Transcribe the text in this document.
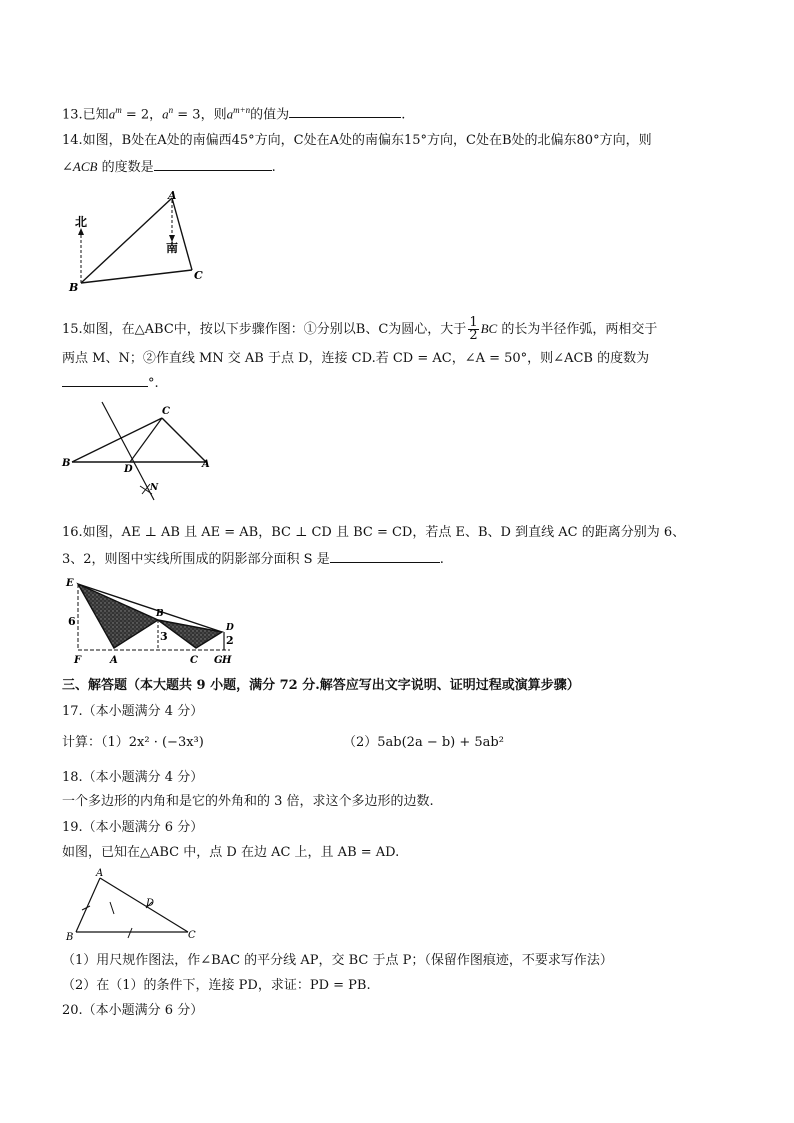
13.已知$a^m = 2$，$a^n = 3$，则$a^{m+n}$的值为	.
14.如图，B处在A处的南偏西45°方向，C处在A处的南偏东15°方向，C处在B处的北偏东80°方向，则
∠ACB 的度数是	.
北
南
A
B
C
15.如图，在△ABC中，按以下步骤作图：①分别以B、C为圆心，大于 $\frac{1}{2}$ BC 的长为半径作弧，两相交于
两点 M、N；②作直线 MN 交 AB 于点 D，连接 CD.若 CD = AC，∠A = 50°，则∠ACB 的度数为
°.
C
B	A
D
N
16.如图，AE ⊥ AB 且 AE = AB，BC ⊥ CD 且 BC = CD，若点 E、B、D 到直线 AC 的距离分别为 6、
3、2，则图中实线所围成的阴影部分面积 S 是	.
E
6
F	A
3
C G H
2
D
B
三、解答题（本大题共 9 小题，满分 72 分.解答应写出文字说明、证明过程或演算步骤）
17.（本小题满分 4 分）
计算：（1）2x² · (−3x³)	（2）5ab(2a − b) + 5ab²
18.（本小题满分 4 分）
一个多边形的内角和是它的外角和的 3 倍，求这个多边形的边数.
19.（本小题满分 6 分）
如图，已知在△ABC 中，点 D 在边 AC 上，且 AB = AD.
A
B	C
D
（1）用尺规作图法，作∠BAC 的平分线 AP，交 BC 于点 P；（保留作图痕迹，不要求写作法）
（2）在（1）的条件下，连接 PD，求证：PD = PB.
20.（本小题满分 6 分）
